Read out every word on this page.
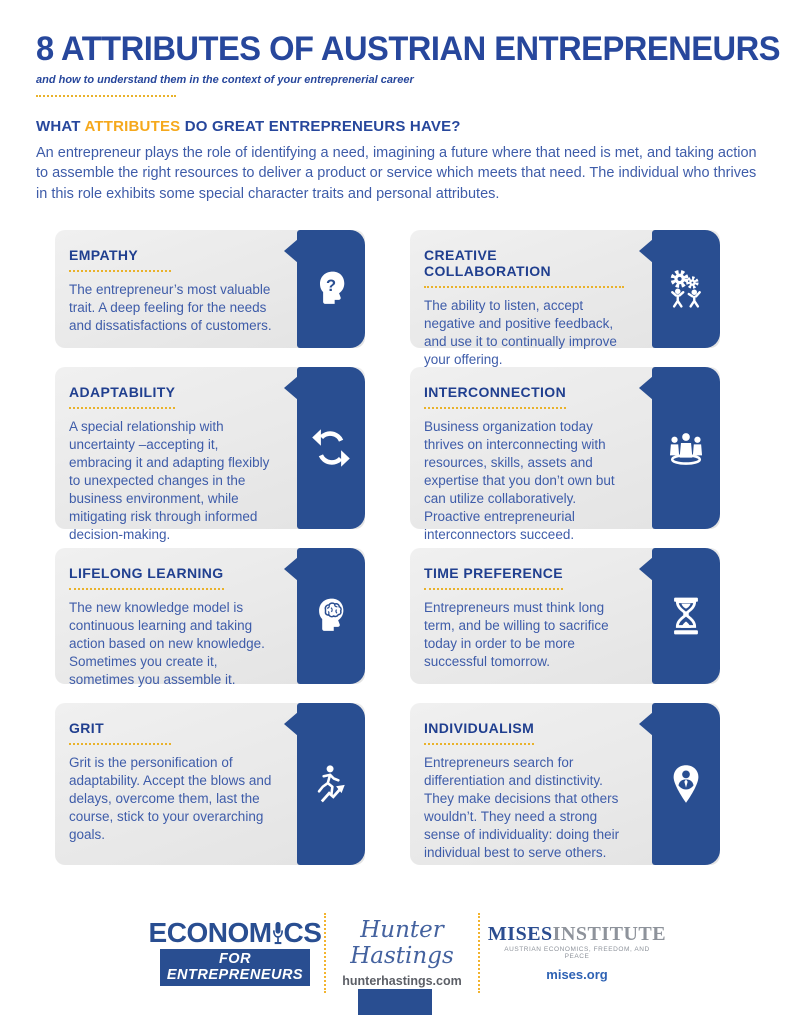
8 ATTRIBUTES OF AUSTRIAN ENTREPRENEURS

and how to understand them in the context of your entreprenerial career

WHAT ATTRIBUTES DO GREAT ENTREPRENEURS HAVE?

An entrepreneur plays the role of identifying a need, imagining a future where that need is met, and taking action to assemble the right resources to deliver a product or service which meets that need. The individual who thrives in this role exhibits some special character traits and personal attributes.

EMPATHY

The entrepreneur’s most valuable trait. A deep feeling for the needs and dissatisfactions of customers.

?
CREATIVE COLLABORATION

The ability to listen, accept negative and positive feedback, and use it to continually improve your offering.

ADAPTABILITY

A special relationship with uncertainty –accepting it, embracing it and adapting flexibly to unexpected changes in the business environment, while mitigating risk through informed decision-making.

INTERCONNECTION

Business organization today thrives on interconnecting with resources, skills, assets and expertise that you don’t own but can utilize collaboratively. Proactive entrepreneurial interconnectors succeed.

LIFELONG LEARNING

The new knowledge model is continuous learning and taking action based on new knowledge. Sometimes you create it, sometimes you assemble it.

TIME PREFERENCE

Entrepreneurs must think long term, and be willing to sacrifice today in order to be more successful tomorrow.

GRIT

Grit is the personification of adaptability. Accept the blows and delays, overcome them, last the course, stick to your overarching goals.

INDIVIDUALISM

Entrepreneurs search for differentiation and distinctivity. They make decisions that others wouldn’t. They need a strong sense of individuality: doing their individual best to serve others.

ECONOM CS
FOR ENTREPRENEURS
Hunter Hastings
hunterhastings.com
MISESINSTITUTE
AUSTRIAN ECONOMICS, FREEDOM, AND PEACE
mises.org
